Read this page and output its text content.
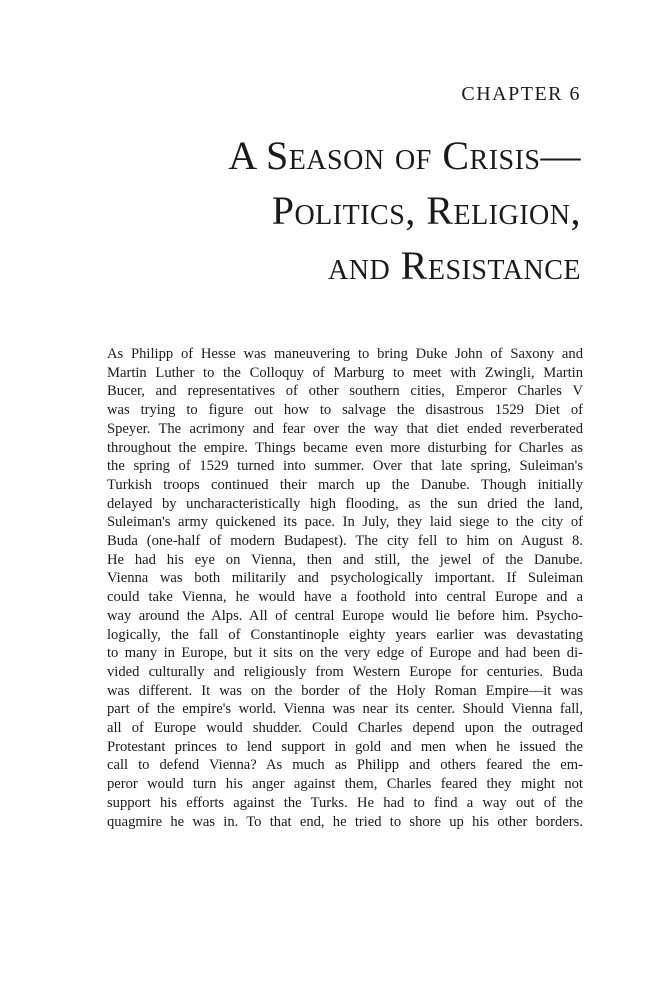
CHAPTER 6
A Season of Crisis—
Politics, Religion,
and Resistance
As Philipp of Hesse was maneuvering to bring Duke John of Saxony and
Martin Luther to the Colloquy of Marburg to meet with Zwingli, Martin
Bucer, and representatives of other southern cities, Emperor Charles V
was trying to figure out how to salvage the disastrous 1529 Diet of
Speyer. The acrimony and fear over the way that diet ended reverberated
throughout the empire. Things became even more disturbing for Charles as
the spring of 1529 turned into summer. Over that late spring, Suleiman's
Turkish troops continued their march up the Danube. Though initially
delayed by uncharacteristically high flooding, as the sun dried the land,
Suleiman's army quickened its pace. In July, they laid siege to the city of
Buda (one-half of modern Budapest). The city fell to him on August 8.
He had his eye on Vienna, then and still, the jewel of the Danube.
Vienna was both militarily and psychologically important. If Suleiman
could take Vienna, he would have a foothold into central Europe and a
way around the Alps. All of central Europe would lie before him. Psycho-
logically, the fall of Constantinople eighty years earlier was devastating
to many in Europe, but it sits on the very edge of Europe and had been di-
vided culturally and religiously from Western Europe for centuries. Buda
was different. It was on the border of the Holy Roman Empire—it was
part of the empire's world. Vienna was near its center. Should Vienna fall,
all of Europe would shudder. Could Charles depend upon the outraged
Protestant princes to lend support in gold and men when he issued the
call to defend Vienna? As much as Philipp and others feared the em-
peror would turn his anger against them, Charles feared they might not
support his efforts against the Turks. He had to find a way out of the
quagmire he was in. To that end, he tried to shore up his other borders.
